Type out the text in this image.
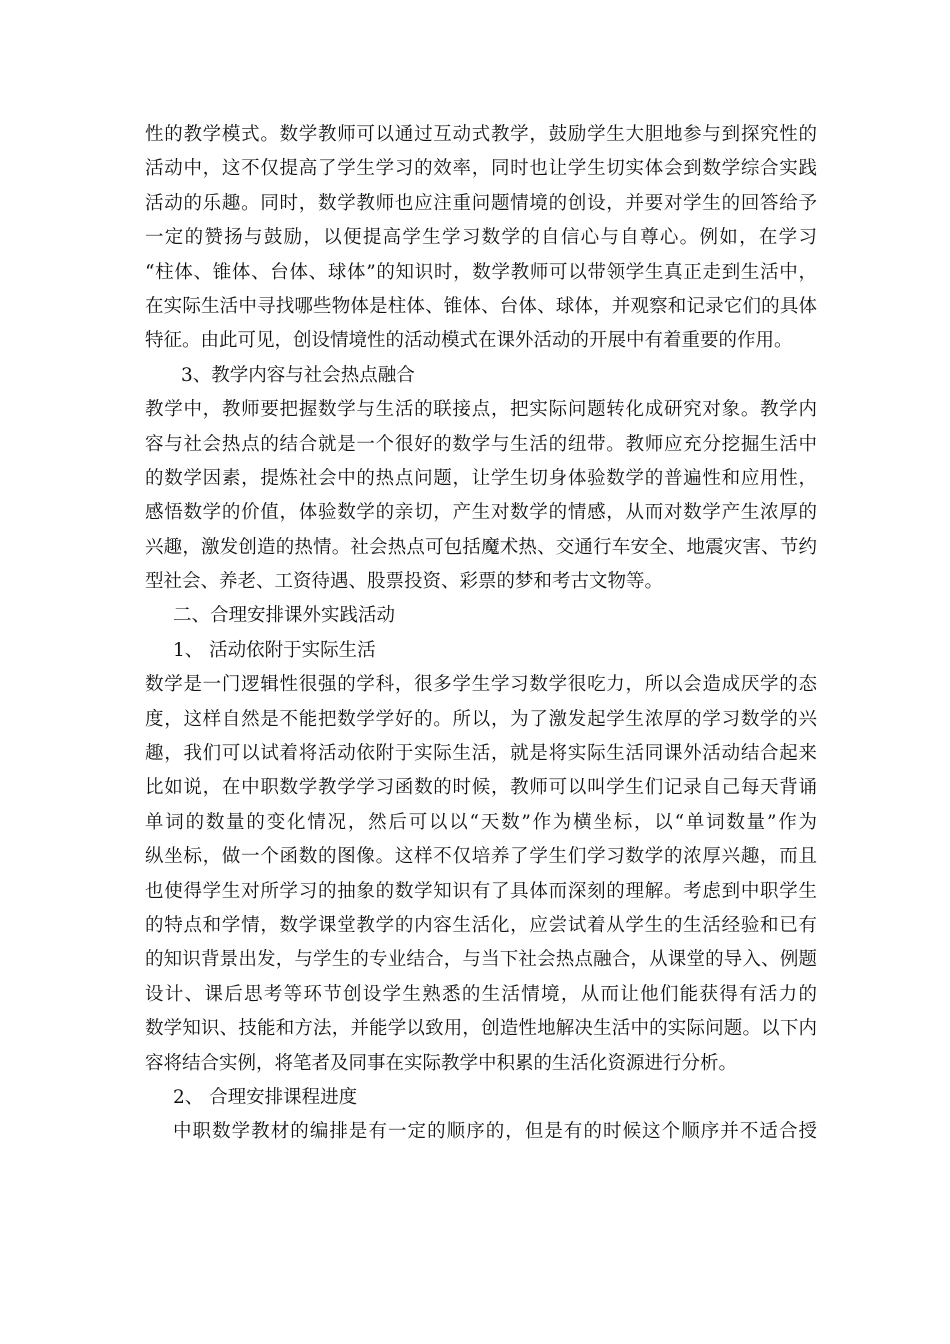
性的教学模式。数学教师可以通过互动式教学，鼓励学生大胆地参与到探究性的
活动中，这不仅提高了学生学习的效率，同时也让学生切实体会到数学综合实践
活动的乐趣。同时，数学教师也应注重问题情境的创设，并要对学生的回答给予
一定的赞扬与鼓励，以便提高学生学习数学的自信心与自尊心。例如，在学习
“柱体、锥体、台体、球体”的知识时，数学教师可以带领学生真正走到生活中，
在实际生活中寻找哪些物体是柱体、锥体、台体、球体，并观察和记录它们的具体
特征。由此可见，创设情境性的活动模式在课外活动的开展中有着重要的作用。
3、教学内容与社会热点融合
教学中，教师要把握数学与生活的联接点，把实际问题转化成研究对象。教学内
容与社会热点的结合就是一个很好的数学与生活的纽带。教师应充分挖掘生活中
的数学因素，提炼社会中的热点问题，让学生切身体验数学的普遍性和应用性，
感悟数学的价值，体验数学的亲切，产生对数学的情感，从而对数学产生浓厚的
兴趣，激发创造的热情。社会热点可包括魔术热、交通行车安全、地震灾害、节约
型社会、养老、工资待遇、股票投资、彩票的梦和考古文物等。
二、合理安排课外实践活动
1、 活动依附于实际生活
数学是一门逻辑性很强的学科，很多学生学习数学很吃力，所以会造成厌学的态
度，这样自然是不能把数学学好的。所以，为了激发起学生浓厚的学习数学的兴
趣，我们可以试着将活动依附于实际生活，就是将实际生活同课外活动结合起来
比如说，在中职数学教学学习函数的时候，教师可以叫学生们记录自己每天背诵
单词的数量的变化情况，然后可以以“天数”作为横坐标，以“单词数量”作为
纵坐标，做一个函数的图像。这样不仅培养了学生们学习数学的浓厚兴趣，而且
也使得学生对所学习的抽象的数学知识有了具体而深刻的理解。考虑到中职学生
的特点和学情，数学课堂教学的内容生活化，应尝试着从学生的生活经验和已有
的知识背景出发，与学生的专业结合，与当下社会热点融合，从课堂的导入、例题
设计、课后思考等环节创设学生熟悉的生活情境，从而让他们能获得有活力的
数学知识、技能和方法，并能学以致用，创造性地解决生活中的实际问题。以下内
容将结合实例，将笔者及同事在实际教学中积累的生活化资源进行分析。
2、 合理安排课程进度
中职数学教材的编排是有一定的顺序的，但是有的时候这个顺序并不适合授
